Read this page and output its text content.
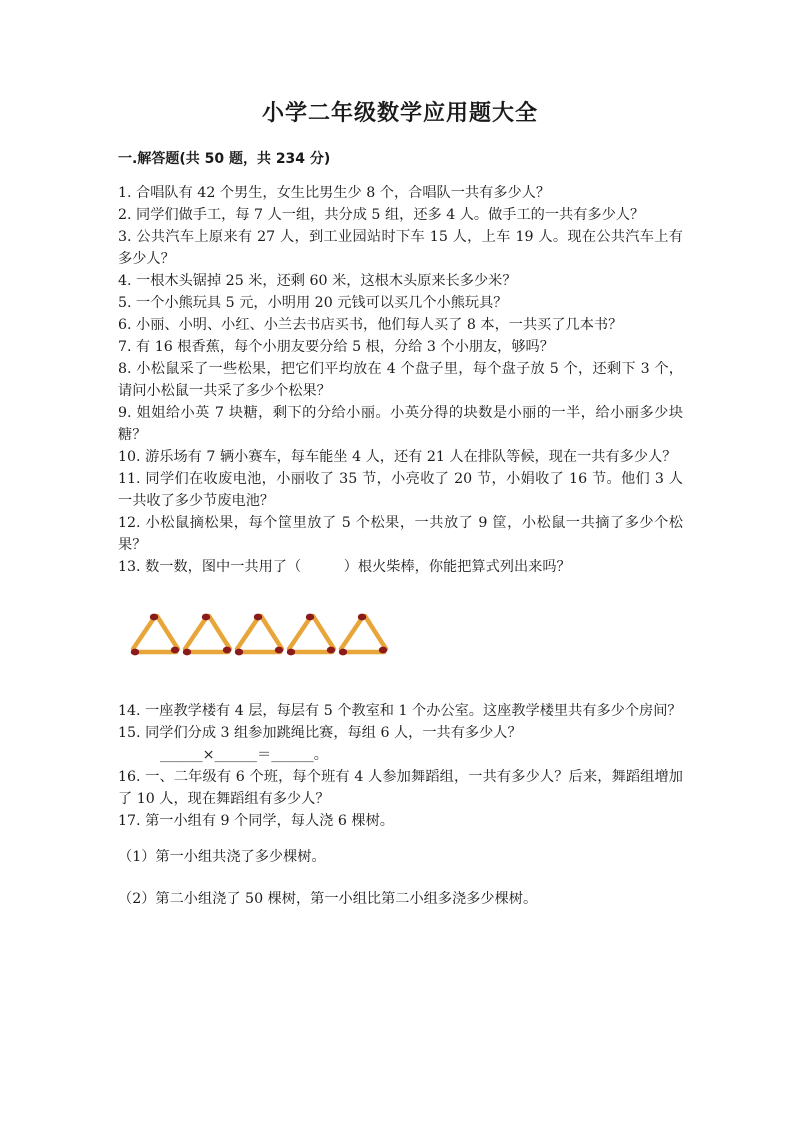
小学二年级数学应用题大全
一.解答题(共 50 题，共 234 分)

1. 合唱队有 42 个男生，女生比男生少 8 个，合唱队一共有多少人？

2. 同学们做手工，每 7 人一组，共分成 5 组，还多 4 人。做手工的一共有多少人？

3. 公共汽车上原来有 27 人，到工业园站时下车 15 人，上车 19 人。现在公共汽车上有多少人？

4. 一根木头锯掉 25 米，还剩 60 米，这根木头原来长多少米？

5. 一个小熊玩具 5 元，小明用 20 元钱可以买几个小熊玩具？

6. 小丽、小明、小红、小兰去书店买书，他们每人买了 8 本，一共买了几本书？

7. 有 16 根香蕉，每个小朋友要分给 5 根，分给 3 个小朋友，够吗？

8. 小松鼠采了一些松果，把它们平均放在 4 个盘子里，每个盘子放 5 个，还剩下 3 个，请问小松鼠一共采了多少个松果？

9. 姐姐给小英 7 块糖，剩下的分给小丽。小英分得的块数是小丽的一半，给小丽多少块糖？

10. 游乐场有 7 辆小赛车，每车能坐 4 人，还有 21 人在排队等候，现在一共有多少人？

11. 同学们在收废电池，小丽收了 35 节，小亮收了 20 节，小娟收了 16 节。他们 3 人一共收了多少节废电池？

12. 小松鼠摘松果，每个筐里放了 5 个松果，一共放了 9 筐，小松鼠一共摘了多少个松果？

13. 数一数，图中一共用了（　　　）根火柴棒，你能把算式列出来吗？

14. 一座教学楼有 4 层，每层有 5 个教室和 1 个办公室。这座教学楼里共有多少个房间？

15. 同学们分成 3 组参加跳绳比赛，每组 6 人，一共有多少人？

______×______＝______。

16. 一、二年级有 6 个班，每个班有 4 人参加舞蹈组，一共有多少人？后来，舞蹈组增加了 10 人，现在舞蹈组有多少人？

17. 第一小组有 9 个同学，每人浇 6 棵树。

（1）第一小组共浇了多少棵树。

（2）第二小组浇了 50 棵树，第一小组比第二小组多浇多少棵树。
